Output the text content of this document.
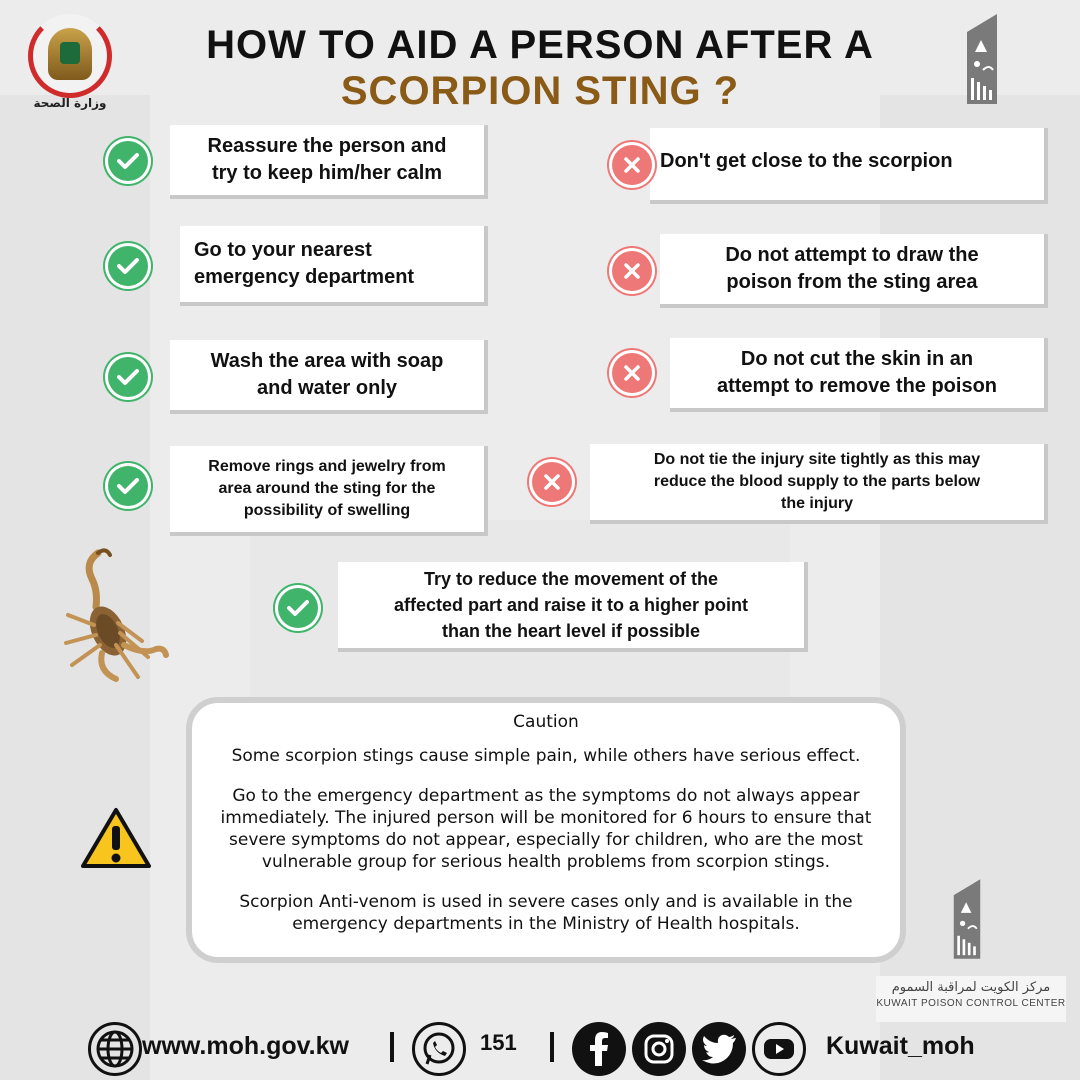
وزارة الصحة
HOW TO AID A PERSON AFTER A
SCORPION STING ?
Reassure the person and
try to keep him/her calm
Go to your nearest
emergency department
Wash the area with soap
and water only
Remove rings and jewelry from
area around the sting for the
possibility of swelling
Don't get close to the scorpion
Do not attempt to draw the
poison from the sting area
Do not cut the skin in an
attempt to remove the poison
Do not tie the injury site tightly as this may
reduce the blood supply to the parts below
the injury
Try to reduce the movement of the
affected part and raise it to a higher point
than the heart level if possible
Caution
Some scorpion stings cause simple pain, while others have serious effect.
Go to the emergency department as the symptoms do not always appear immediately. The injured person will be monitored for 6 hours to ensure that severe symptoms do not appear, especially for children, who are the most vulnerable group for serious health problems from scorpion stings.
Scorpion Anti-venom is used in severe cases only and is available in the emergency departments in the Ministry of Health hospitals.
مركز الكويت لمراقبة السموم
KUWAIT POISON CONTROL CENTER
www.moh.gov.kw	151	Kuwait_moh
